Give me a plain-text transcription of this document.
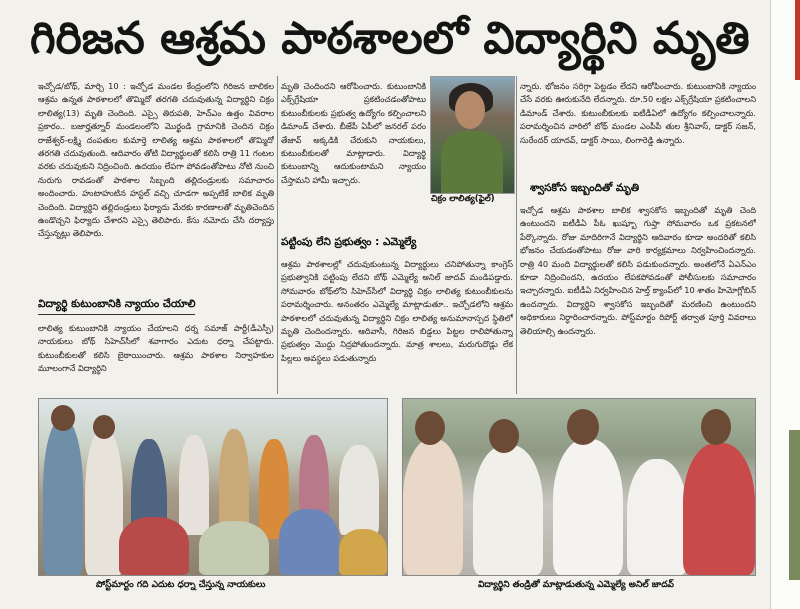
గిరిజన ఆశ్రమ పాఠశాలలో విద్యార్థిని మృతి

ఇచ్చోడ/బోథ్, మార్చి 10 : ఇచ్చోడ మండల కేంద్రంలోని గిరిజన బాలికల ఆశ్రమ ఉన్నత పాఠశాలలో తొమ్మిదో తరగతి చదువుతున్న విద్యార్థిని చిక్రం లాలిత్య(13) మృతి చెందింది. ఎస్సై తిరుపతి, హెచ్ఎం ఉత్తం వివరాల ప్రకారం.. బజార్హత్నూర్ మండలంలోని మొర్ఖండి గ్రామానికి చెందిన చిక్రం రాజేశ్వర్-లక్ష్మి దంపతుల కుమార్తె లాలిత్య ఆశ్రమ పాఠశాలలో తొమ్మిదో తరగతి చదువుతుంది. ఆదివారం తోటి విద్యార్థులతో కలిసి రాత్రి 11 గంటల వరకు చదువుకుని నిద్రించింది. ఉదయం లేపగా పోవడంతోపాటు నోటి నుంచి నురుగు రావడంతో పాఠశాల సిబ్బంది తల్లిదండ్రులకు సమాచారం అందించారు. హుటాహుటిన హస్టల్ వచ్చి చూడగా అప్పటికే బాలిక మృతి చెందింది. విద్యార్థిని తల్లిదండ్రులు ఫిర్యాదు మేరకు కారణాలతో మృతిచెందిన ఉండొచ్చని ఫిర్యాదు చేశారని ఎస్సై తెలిపారు. కేసు నమోదు చేసి దర్యాప్తు చేస్తున్నట్లు తెలిపారు.

విద్యార్థి కుటుంబానికి న్యాయం చేయాలి

లాలిత్య కుటుంబానికి న్యాయం చేయాలని ధర్న సమాజ్ పార్టీ(డీఎస్పీ) నాయకులు బోథ్ సిహెచ్‌సీలో శవాగారం ఎదుట ధర్నా చేపట్టారు. కుటుంబీకులతో కలిసి బైఠాయించారు. ఆశ్రమ పాఠశాల నిర్వాహకుల మూలంగానే విద్యార్థిని

మృతి చెందిందని ఆరోపించారు. కుటుంబానికి ఎక్స్‌గ్రేషియా ప్రకటించడంతోపాటు కుటుంబీకులకు ప్రభుత్వ ఉద్యోగం కల్పించాలని డిమాండ్ చేశారు. బీజేపీ ఏపీలో జనరల్ పరం తేజావ్ అక్కడికి చేరుకుని నాయకులు, కుటుంబీకులతో మాట్లాడారు. విద్యార్థి కుటుంబాన్ని ఆదుకుంటామని న్యాయం చేస్తామని హామీ ఇచ్చారు.

పట్టింపు లేని ప్రభుత్వం : ఎమ్మెల్యే

ఆశ్రమ పాఠశాలల్లో చదువుకుంటున్న విద్యార్థులు చనిపోతున్నా కాంగ్రెస్ ప్రభుత్వానికి పట్టింపు లేదని బోథ్ ఎమ్మెల్యే అనిల్ జాదవ్ మండిపడ్డారు. సోమవారం బోథ్‌లోని సిహెచ్‌సీలో విద్యార్థి చిక్రం లాలిత్య కుటుంబీకులను పరామర్శించారు. అనంతరం ఎమ్మెల్యే మాట్లాడుతూ.. ఇచ్చోడలోని ఆశ్రమ పాఠశాలలో చదువుతున్న విద్యార్థిని చిక్రం లాలిత్య అనుమానాస్పద స్థితిలో మృతి చెందిందన్నారు. ఆదివాసీ, గిరిజన బిడ్డలు పిట్టల రాలిపోతున్నా ప్రభుత్వం మొద్దు నిద్రపోతుందన్నారు. మాత్ర శాలలు, మరుగుదొడ్లు లేక పిల్లలు అవస్థలు పడుతున్నారు

చిక్రం లాలిత్య(ఫైల్)

న్నారు. భోజనం సరిగ్గా పెట్టడం లేదని ఆరోపించారు. కుటుంబానికి న్యాయం చేసే వరకు ఊరుకునేది లేదన్నారు. రూ.50 లక్షల ఎక్స్‌గ్రేషియా ప్రకటించాలని డిమాండ్ చేశారు. కుటుంబీకులకు ఐటీడీఏలో ఉద్యోగం కల్పించాలన్నారు. పరామర్శించిన వారిలో బోథ్ మండల ఎంపీపీ తుల శ్రీనివాస్, డాక్టర్ సజన్, సురేందర్ యాదవ్, డాక్టర్ సాయి, లింగారెడ్డి ఉన్నారు.

శ్వాసకోస ఇబ్బందితో మృతి

ఇచ్చోడ ఆశ్రమ పాఠశాల బాలిక శ్వాసకోస ఇబ్బందితో మృతి చెంది ఉంటుందని ఐటీడీఏ పీఓ ఖుష్బూ గుప్తా సోమవారం ఒక ప్రకటనలో పేర్కొన్నారు. రోజు మాదిరిగానే విద్యార్థిని ఆదివారం కూడా అందరితో కలిసి భోజనం చేయడంతోపాటు రోజు వారి కార్యక్రమాలు నిర్వహించిందన్నారు. రాత్రి 40 మంది విద్యార్థులతో కలిసి పడుకుందన్నారు. అంతలోనే ఏఎన్ఎం కూడా నిద్రించిందని, ఉదయం లేపకపోవడంతో పోలీసులకు సమాచారం ఇచ్చారన్నారు. ఐటీడీఏ నిర్వహించిన హెల్త్ క్యాంప్‌లో 10 శాతం హిమోగ్లోబిన్ ఉందన్నారు. విద్యార్థిని శ్వాసకోస ఇబ్బందితో మరణించి ఉంటుందని అధికారులు నిర్ధారించారన్నారు. పోస్ట్‌మార్టం రిపోర్ట్ తర్వాత పూర్తి వివరాలు తెలియాల్సి ఉందన్నారు.

పోస్ట్‌మార్టం గది ఎదుట ధర్నా చేస్తున్న నాయకులు	విద్యార్థిని తండ్రితో మాట్లాడుతున్న ఎమ్మెల్యే అనిల్ జాదవ్
